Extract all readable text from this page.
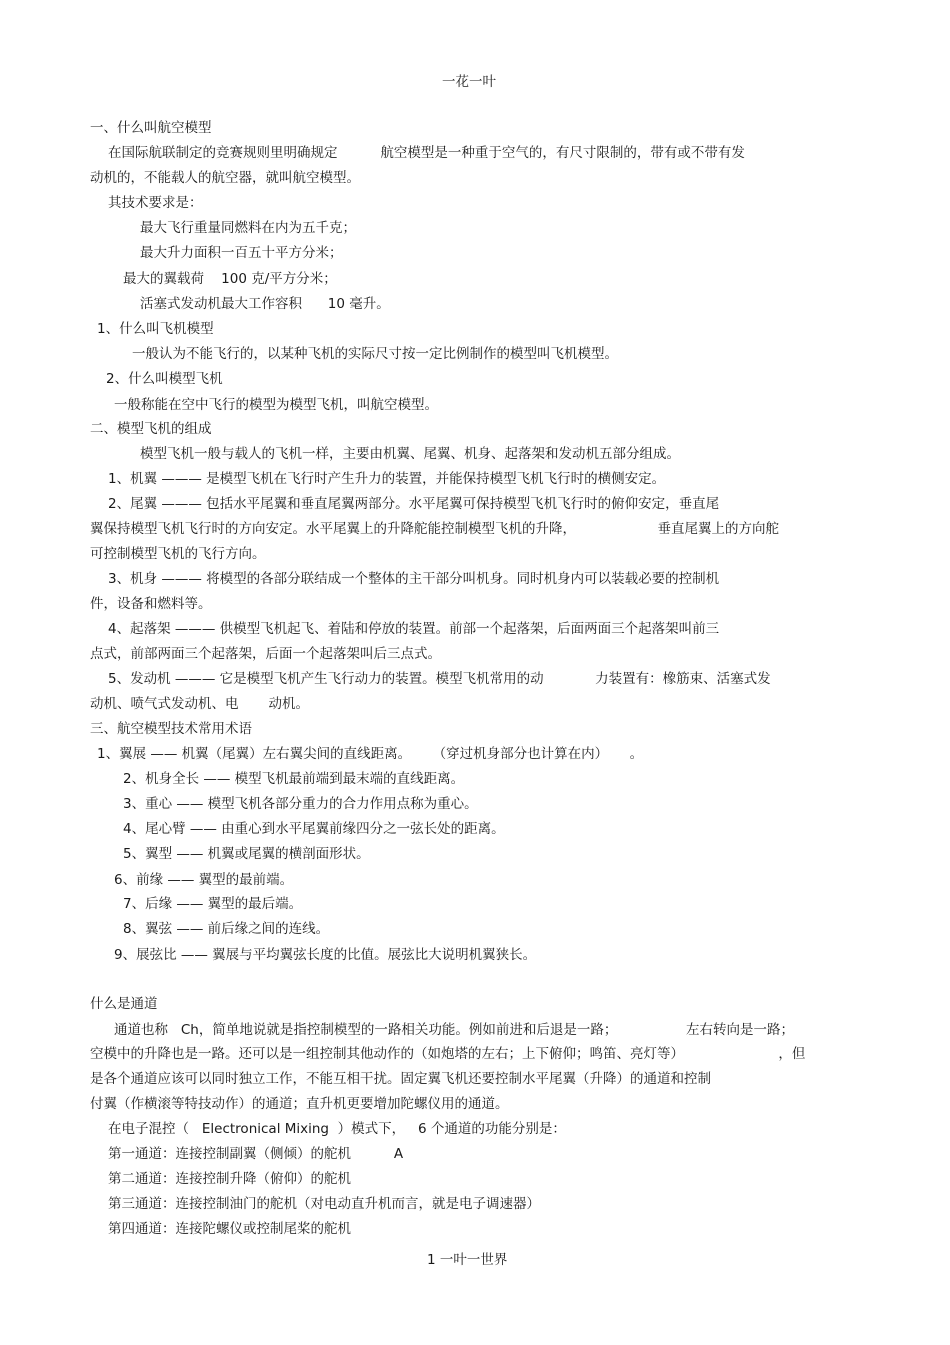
一花一叶
一、什么叫航空模型
在国际航联制定的竞赛规则里明确规定          航空模型是一种重于空气的，有尺寸限制的，带有或不带有发
动机的，不能载人的航空器，就叫航空模型。
其技术要求是：
最大飞行重量同燃料在内为五千克；
最大升力面积一百五十平方分米；
最大的翼载荷    100 克/平方分米；
活塞式发动机最大工作容积      10 毫升。
1、什么叫飞机模型
一般认为不能飞行的，以某种飞机的实际尺寸按一定比例制作的模型叫飞机模型。
2、什么叫模型飞机
一般称能在空中飞行的模型为模型飞机，叫航空模型。
二、模型飞机的组成
模型飞机一般与载人的飞机一样，主要由机翼、尾翼、机身、起落架和发动机五部分组成。
1、机翼 ——— 是模型飞机在飞行时产生升力的装置，并能保持模型飞机飞行时的横侧安定。
2、尾翼 ——— 包括水平尾翼和垂直尾翼两部分。水平尾翼可保持模型飞机飞行时的俯仰安定，垂直尾
翼保持模型飞机飞行时的方向安定。水平尾翼上的升降舵能控制模型飞机的升降，                   垂直尾翼上的方向舵
可控制模型飞机的飞行方向。
3、机身 ——— 将模型的各部分联结成一个整体的主干部分叫机身。同时机身内可以装载必要的控制机
件，设备和燃料等。
4、起落架 ——— 供模型飞机起飞、着陆和停放的装置。前部一个起落架，后面两面三个起落架叫前三
点式，前部两面三个起落架，后面一个起落架叫后三点式。
5、发动机 ——— 它是模型飞机产生飞行动力的装置。模型飞机常用的动            力装置有：橡筋束、活塞式发
动机、喷气式发动机、电       动机。
三、航空模型技术常用术语
1、翼展 —— 机翼（尾翼）左右翼尖间的直线距离。     （穿过机身部分也计算在内）     。
2、机身全长 —— 模型飞机最前端到最末端的直线距离。
3、重心 —— 模型飞机各部分重力的合力作用点称为重心。
4、尾心臂 —— 由重心到水平尾翼前缘四分之一弦长处的距离。
5、翼型 —— 机翼或尾翼的横剖面形状。
6、前缘 —— 翼型的最前端。
7、后缘 —— 翼型的最后端。
8、翼弦 —— 前后缘之间的连线。
9、展弦比 —— 翼展与平均翼弦长度的比值。展弦比大说明机翼狭长。
什么是通道
通道也称   Ch，简单地说就是指控制模型的一路相关功能。例如前进和后退是一路；                左右转向是一路；
空模中的升降也是一路。还可以是一组控制其他动作的（如炮塔的左右；上下俯仰；鸣笛、亮灯等）                      ，但
是各个通道应该可以同时独立工作，不能互相干扰。固定翼飞机还要控制水平尾翼（升降）的通道和控制
付翼（作横滚等特技动作）的通道；直升机更要增加陀螺仪用的通道。
在电子混控（   Electronical Mixing  ）模式下，   6 个通道的功能分别是：
第一通道：连接控制副翼（侧倾）的舵机          A
第二通道：连接控制升降（俯仰）的舵机
第三通道：连接控制油门的舵机（对电动直升机而言，就是电子调速器）
第四通道：连接陀螺仪或控制尾桨的舵机
1 一叶一世界
